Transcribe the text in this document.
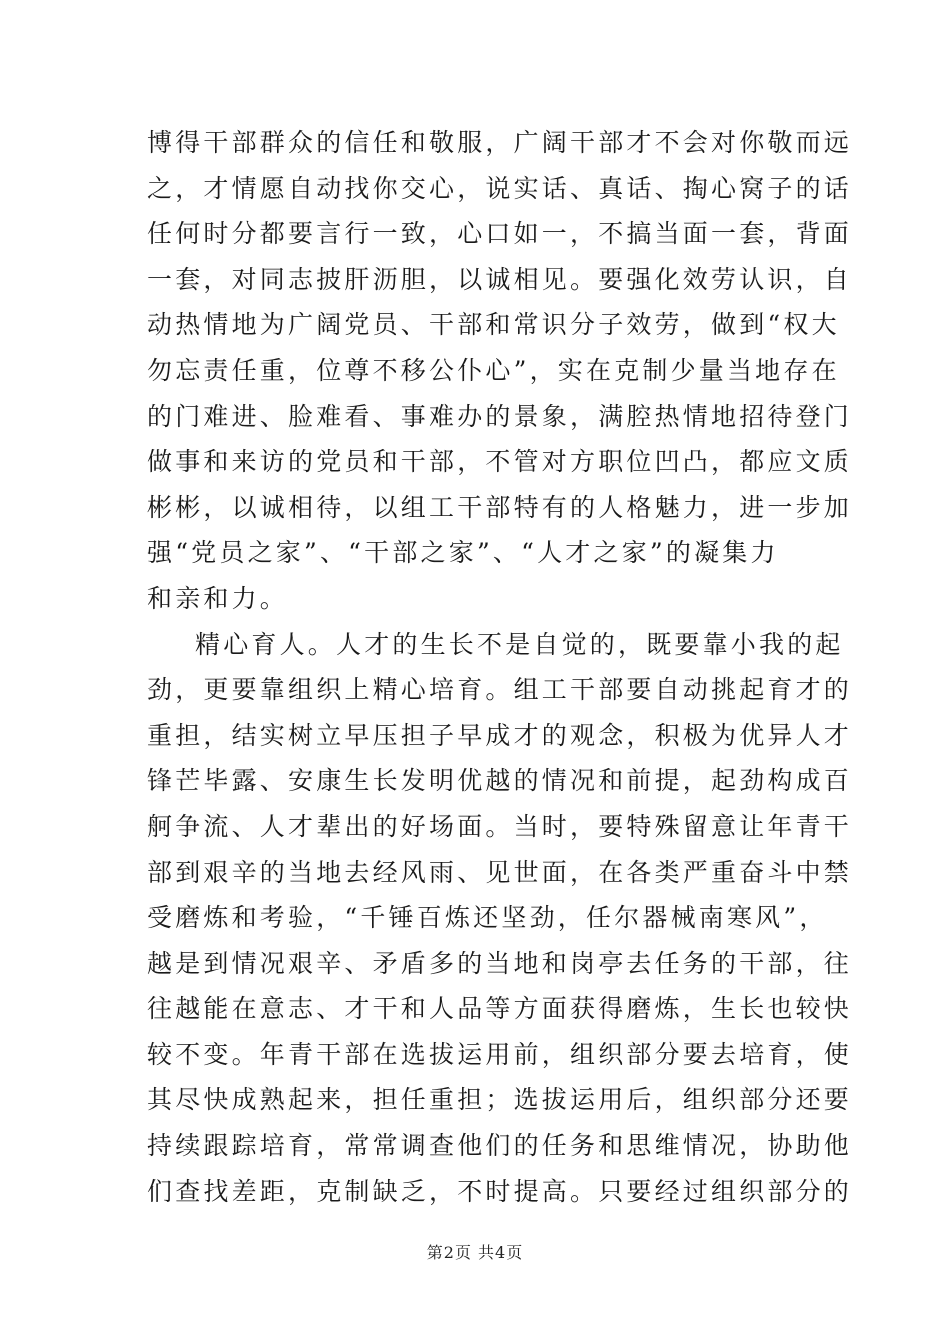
博得干部群众的信任和敬服，广阔干部才不会对你敬而远
之，才情愿自动找你交心，说实话、真话、掏心窝子的话
任何时分都要言行一致，心口如一，不搞当面一套，背面
一套，对同志披肝沥胆，以诚相见。要强化效劳认识，自
动热情地为广阔党员、干部和常识分子效劳，做到“权大
勿忘责任重，位尊不移公仆心”，实在克制少量当地存在
的门难进、脸难看、事难办的景象，满腔热情地招待登门
做事和来访的党员和干部，不管对方职位凹凸，都应文质
彬彬，以诚相待，以组工干部特有的人格魅力，进一步加
强“党员之家”、“干部之家”、“人才之家”的凝集力
和亲和力。
精心育人。人才的生长不是自觉的，既要靠小我的起
劲，更要靠组织上精心培育。组工干部要自动挑起育才的
重担，结实树立早压担子早成才的观念，积极为优异人才
锋芒毕露、安康生长发明优越的情况和前提，起劲构成百
舸争流、人才辈出的好场面。当时，要特殊留意让年青干
部到艰辛的当地去经风雨、见世面，在各类严重奋斗中禁
受磨炼和考验，“千锤百炼还坚劲，任尔器械南寒风”，
越是到情况艰辛、矛盾多的当地和岗亭去任务的干部，往
往越能在意志、才干和人品等方面获得磨炼，生长也较快
较不变。年青干部在选拔运用前，组织部分要去培育，使
其尽快成熟起来，担任重担；选拔运用后，组织部分还要
持续跟踪培育，常常调查他们的任务和思维情况，协助他
们查找差距，克制缺乏，不时提高。只要经过组织部分的
第2页 共4页
